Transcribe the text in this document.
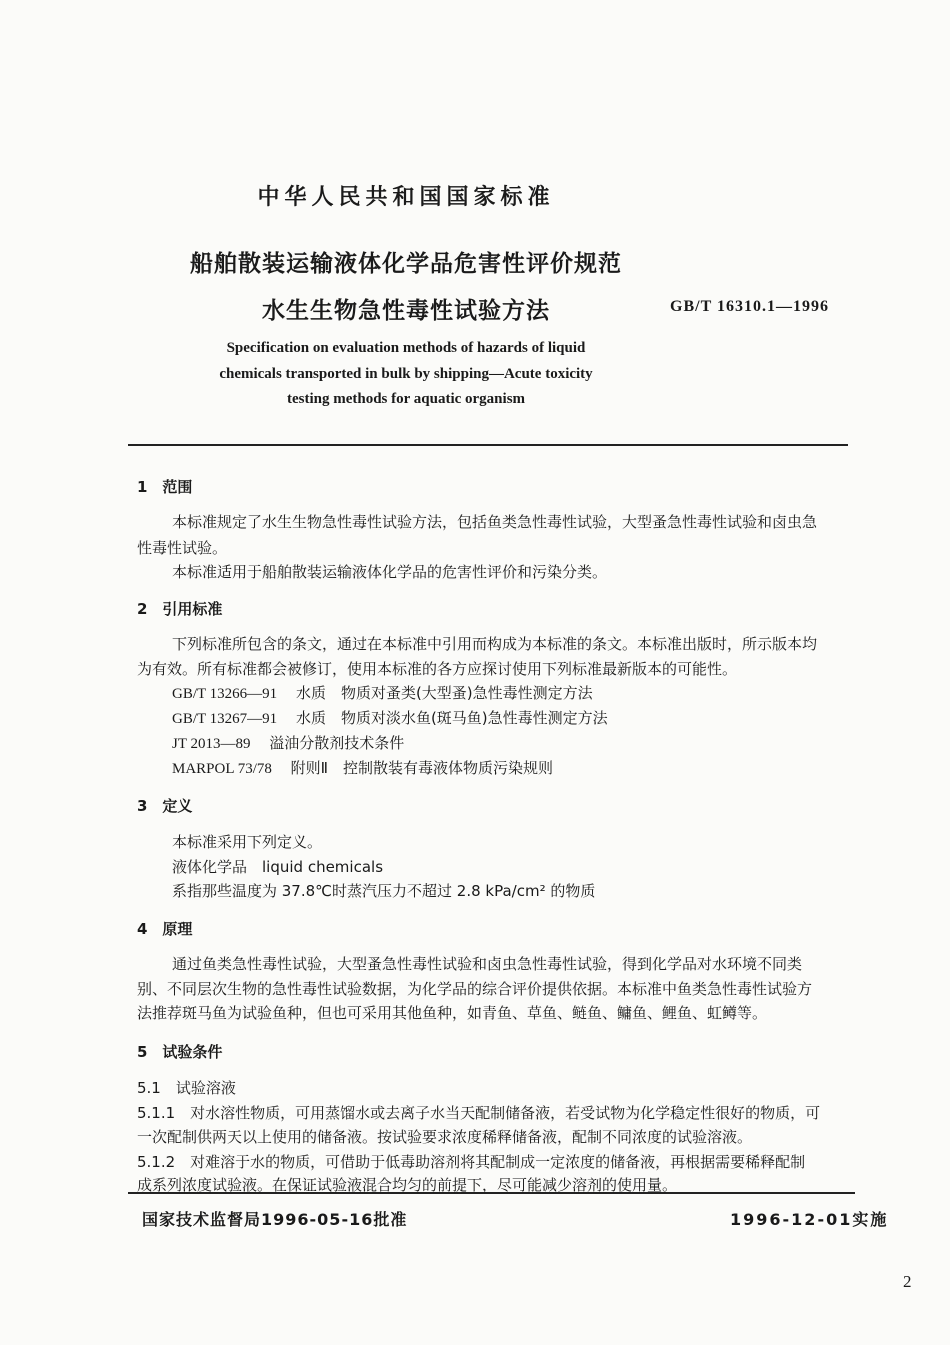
中华人民共和国国家标准
船舶散装运输液体化学品危害性评价规范
水生生物急性毒性试验方法	GB/T 16310.1—1996
Specification on evaluation methods of hazards of liquid
chemicals transported in bulk by shipping—Acute toxicity
testing methods for aquatic organism
1　范围
本标准规定了水生生物急性毒性试验方法，包括鱼类急性毒性试验，大型蚤急性毒性试验和卤虫急
性毒性试验。
本标准适用于船舶散装运输液体化学品的危害性评价和污染分类。
2　引用标准
下列标准所包含的条文，通过在本标准中引用而构成为本标准的条文。本标准出版时，所示版本均
为有效。所有标准都会被修订，使用本标准的各方应探讨使用下列标准最新版本的可能性。
GB/T 13266—91 水质　物质对蚤类(大型蚤)急性毒性测定方法
GB/T 13267—91 水质　物质对淡水鱼(斑马鱼)急性毒性测定方法
JT 2013—89 溢油分散剂技术条件
MARPOL 73/78 附则Ⅱ　控制散装有毒液体物质污染规则
3　定义
本标准采用下列定义。
液体化学品　liquid chemicals
系指那些温度为 37.8℃时蒸汽压力不超过 2.8 kPa/cm² 的物质
4　原理
通过鱼类急性毒性试验，大型蚤急性毒性试验和卤虫急性毒性试验，得到化学品对水环境不同类
别、不同层次生物的急性毒性试验数据，为化学品的综合评价提供依据。本标准中鱼类急性毒性试验方
法推荐斑马鱼为试验鱼种，但也可采用其他鱼种，如青鱼、草鱼、鲢鱼、鳙鱼、鲤鱼、虹鳟等。
5　试验条件
5.1　试验溶液
5.1.1　对水溶性物质，可用蒸馏水或去离子水当天配制储备液，若受试物为化学稳定性很好的物质，可
一次配制供两天以上使用的储备液。按试验要求浓度稀释储备液，配制不同浓度的试验溶液。
5.1.2　对难溶于水的物质，可借助于低毒助溶剂将其配制成一定浓度的储备液，再根据需要稀释配制
成系列浓度试验液。在保证试验液混合均匀的前提下，尽可能减少溶剂的使用量。
国家技术监督局1996-05-16批准	1996-12-01实施
2
